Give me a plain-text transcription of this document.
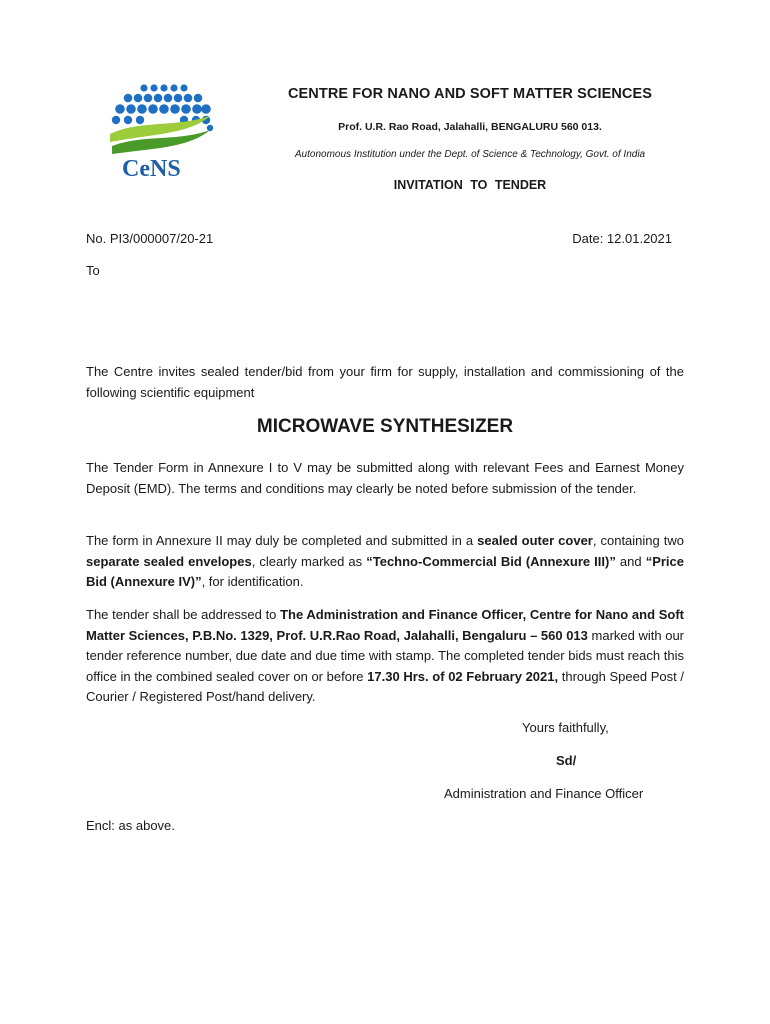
CeNS
CENTRE FOR NANO AND SOFT MATTER SCIENCES
Prof. U.R. Rao Road, Jalahalli, BENGALURU 560 013.
Autonomous Institution under the Dept. of Science & Technology, Govt. of India
INVITATION TO TENDER
No. PI3/000007/20-21	Date: 12.01.2021
To

The Centre invites sealed tender/bid from your firm for supply, installation and commissioning of the following scientific equipment

MICROWAVE SYNTHESIZER

The Tender Form in Annexure I to V may be submitted along with relevant Fees and Earnest Money Deposit (EMD). The terms and conditions may clearly be noted before submission of the tender.

The form in Annexure II may duly be completed and submitted in a sealed outer cover, containing two separate sealed envelopes, clearly marked as “Techno-Commercial Bid (Annexure III)” and “Price Bid (Annexure IV)”, for identification.

The tender shall be addressed to The Administration and Finance Officer, Centre for Nano and Soft Matter Sciences, P.B.No. 1329, Prof. U.R.Rao Road, Jalahalli, Bengaluru – 560 013 marked with our tender reference number, due date and due time with stamp. The completed tender bids must reach this office in the combined sealed cover on or before 17.30 Hrs. of 02 February 2021, through Speed Post / Courier / Registered Post/hand delivery.

Yours faithfully,
Sd/
Administration and Finance Officer
Encl: as above.
